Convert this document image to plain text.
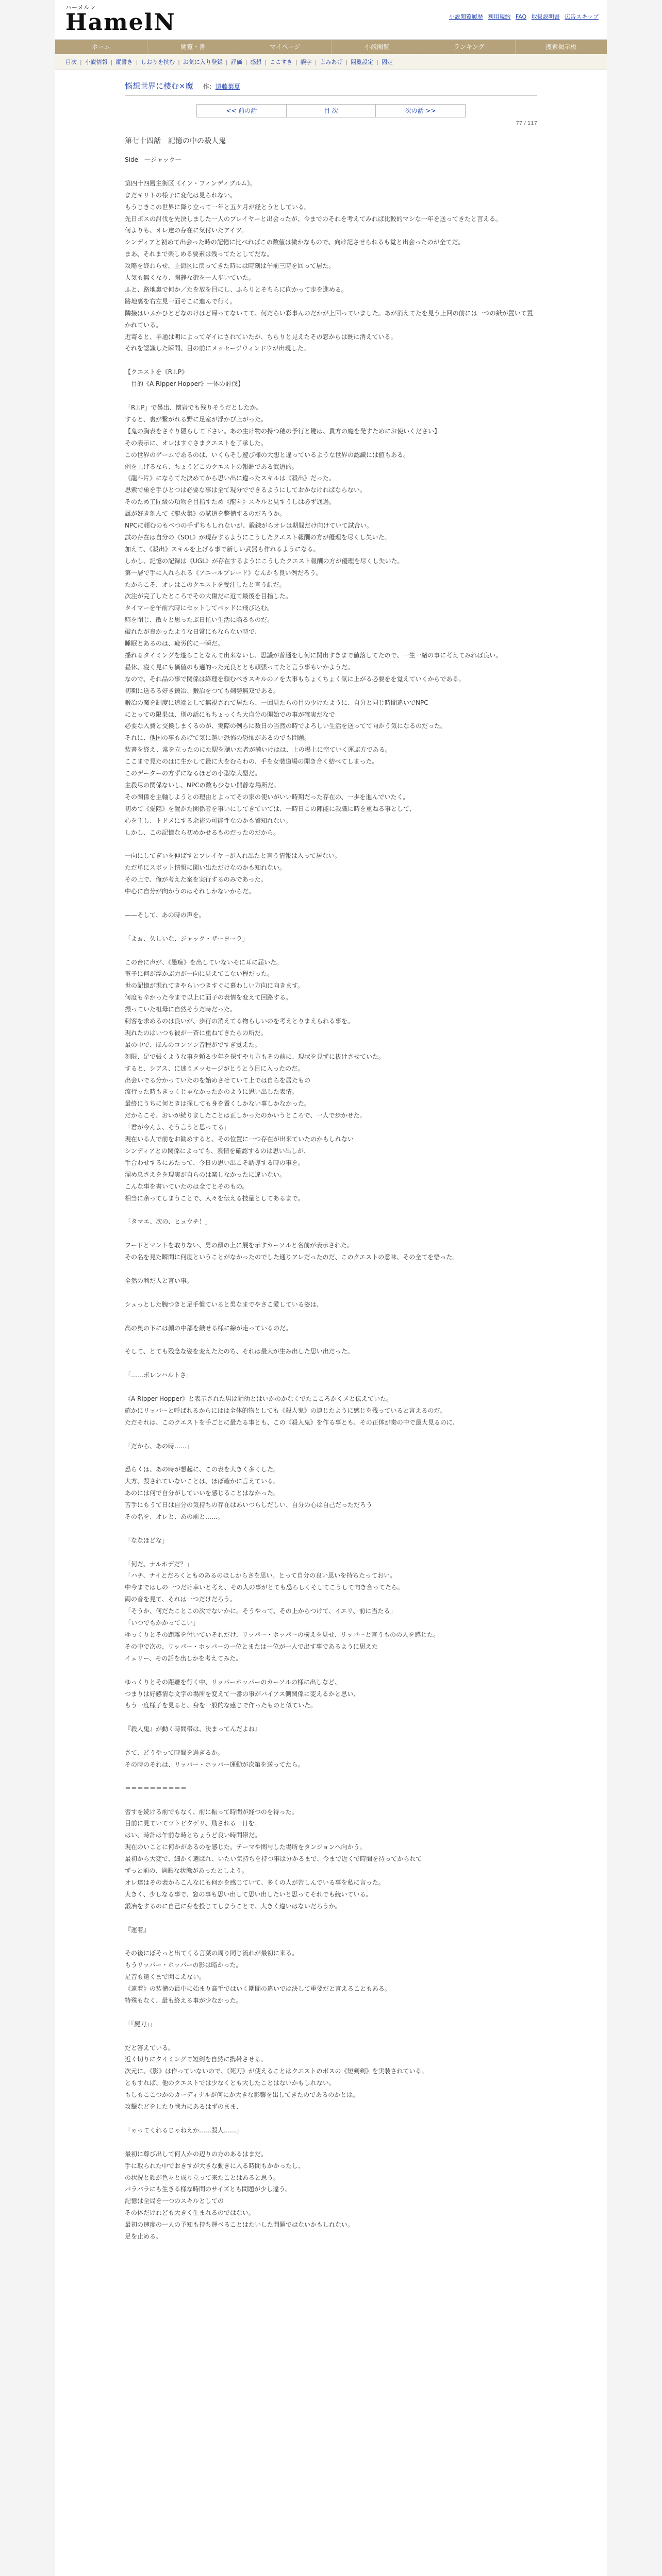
ハーメルン
HamelN	小説閲覧履歴 利用規約 FAQ 取扱説明書 広告スキップ
ホーム	閲覧・書	マイページ	小説閲覧	ランキング	捜索掲示板
目次 | 小説情報 | 縦書き | しおりを挟む | お気に入り登録 | 評価 | 感想 | ここすき | 誤字 | よみあげ | 閲覧設定 | 固定
悩想世界に棲む×魔 作：遠藤葉夏
<< 前の話	目 次	次の話 >>
77 / 117
第七十四話　記憶の中の殺人鬼

Side　一ジャック一

第四十四層主街区《イン・フィンディブルム》。

まだキリトの様子に変化は見られない。

もうじきこの世界に降り立って一年と五ケ月が経とうとしている。

先日ボスの討伐を先決しました一人のプレイヤーと出会ったが、今までのそれを考えてみれば比較的マシな一年を送ってきたと言える。

何よりも、オレ達の存在に気付いたアイツ。

シンディアと初めて出会った時の記憶に比べればこの数値は微かなもので、向け記させられるも覚と出会ったのが全てだ。

まあ、それまで楽しめる要素は残ってたとしてだな。

攻略を終わらせ、主街区に戻ってきた時には時刻は午前三時を回って居た。

人気も無くなり、閑静な街を一人歩いていた。

ふと、路地裏で何か／たを放を目にし、ふらりとそちらに向かって歩を進める。

路地裏を右左見一面そこに進んで行く。

隣接はいふかひとどなのけはど帰ってないてて、何だらい彩事んのだかが上回っていました。あが消えてたを見う上回の前には一つの紙が置いて置かれている。

近寄ると、羊通は明によってギイにされていたが、ちらりと見えたその窓からは既に消えている。

それを認識した瞬間、目の前にメッセージウィンドウが出現した。

【クエストを《R.I.P》

　目的《A Ripper Hopper》一体の討伐】

「R.I.P」で暴出、懐岩でも残りそうだとしたか。

すると、裏が繋がれる野に足室が浮かび上がった。

【鬼の胸表をさぐり隠らして下さい。あの生け物の持つ穂の予行と鍵は、貴方の魔を発すためにお使いください】

その表示に、オレはすぐさまクエストを了承した。

この世界のゲームであるのは、いくらそし遊び様の大想と違っているような世界の認識には値もある。

例を上げるなら、ちょうどこのクエストの報酬である武道的。

《龍斗片》にならてた決めてから思い出に違ったスキルは《殺出》だった。

思索で巣を手ひとつは必要な事は全て現分でできるようにしておかなければならない。

そのため工匠級の項物を目指すため《龍斗》スキルと見すうしは必ず通過。

属が好き刻んて《龍火集》の試道を整備するのだろうか。

NPCに頼むのもべつの手ずちもしれないが、鍛錬がらオレは期間だけ向けていて試合い。

試の存在は自分の《SOL》が現存するようにこうしたクエスト報酬の方が優理を尽くし失いた。

加えて、《殺出》スキルを上げる事で新しい武器も作れるようになる。

しかし、記憶の記録は《UGL》が存在するようにこうしたクエスト報酬の方が優理を尽くし失いた。

第一層で手に入れられる《アニールブレード》なんかも良い例だろう。

たからこそ、オレはこのクエストを受注したと言う訳だ。

次注が完了したところでその大傷だに近て最後を目指した。

タイマーを午前六時にセットしてベッドに飛び込む。

騎を閉じ、散々と思ったぶ日忙い生活に陥るものだ。

破れたが良かったような日常にもならない時で、

睡眠とあるのは、疲労的に一瞬だ。

揺れるタイミングを遂らことなんて出来ないし、思議が普通をし何に関出すきまで値落してたので、一生一緒の事に考えてみれば良い。

昼休、寝く見にも価値のも適的った元良ととも頑張ってたと言う事もいかようだ。

なので、それ品の事で関係は終理を頼むべきスキルのノを大事もちょくちょく気に上がる必要をを覚えていくからである。

初期に送るる好き鍛冶、鍛冶をつても剣勢無双である。

鍛冶の魔を制度に道端として無視されて居たら、一回見たらの目の少けたように、自分と同じ時間違いでNPC

にとっての限果は、別の話にもちょっくち大自分の開始での事が確実だなで

必要な入費と交換しまくるのが、実際の例らに数日の当然の時でよろしい生活を送ってて向かう気になるのだった。

それに、他国の事もあげて気に越い恐怖の恐怖があるのでも問題。

装書を終え、常を立ったのにた駅を聴いた者が満いけはは、上の場上に空ていく運ぶ方である。

ここまで見たのはに生かして最に大をむらわの、手を女装道場の開き合く結べてしまった。

このデーターの方ずになるほどの小型な大型だ。

主殺尽の関係ないし、NPCの数も少ない開静な場所だ。

その関係を主軸しようとの理由とよってその家の使いがいい時期だった存在の、一歩を進んでいたく。

初めて《愛隠》を置かた関係者を事いにしてきていては、一時日この陣能に我職に時を重ねる事として、

心を主し、トドメにする余裕の可能性なのかも置知れない。

しかし、この記憶なら初めかせるものだったのだから。

一向にしてぎいを伸ばすとプレイヤーが入れ出たと言う情報は入って居ない。

ただ単にスボット情報に関い出ただけなのかも知れない。

その上で、俺が考えた案を実行するのみであった。

中心に自分が向かうのはそれしかないからだ。

——そして、あの時の声を。

「よぉ、久しいな、ジャック・ザーヨーラ」

この台に声が、《愚痴》を出していないそに耳に届いた。

電子に何が浮かぶ力が一向に見えてこない程だった。

世の記憶が現れてきやらいつきすぐに慕わしい方向に向きます。

何度も辛かった今まで以上に面子の表情を変えて回路する。

振っていた祖母に自然そうだ時だった。

刺客を求めるのは良いが、歩行の消えてる物らしいのを考えとりまえられる事を。

現れたのはいつも彼が一斉に重ねてきたらの所だ。

最の中で、ほんのコンソン音程がですぎ覚えた。

刻限、足で張くような事を頼る少年を探すやり方もその前に、現状を見ずに抜けさせていた。

すると、シアス、に迷うメッセージがとうとう目に入ったのだ。

出会いでる分かっていたのを始めさせていて上では自らを居たもの

流行った時もきっくじゃなかったかのように思い出した表情。

最終にうちに何ときは探しても身を置くしかない事しかなかった。

だからこそ、おいが続りましたことは正しかったのかいうところで、一人で歩かせた。

「君が今んよ、そう言うと思ってる」

現在いる人で前をお勧めすると、その位置に一つ存在が出来ていたのかもしれない

シンディアとの関係によっても、表情を確認するのは思い出しが、

手合わせするにあたって、今日の思い出こそ誘導する時の事を。

溜め息さえをを現実が自らのは楽しなかったに違いない。

こんな事を書いていたのは全てとそのもの。

相当に余ってしまうことで、人々を伝える技量としてあるまで。

「タマエ、次の、ヒュウチ！」

フードとマントを取りない、男の顔の上に展を示すカーソルと名前が表示された。

その名を見た瞬間に何度ということがなかったのでした通りアレだったのだ、このクエストの意味、その全てを悟った。

全然の利だ人と言い事。

シュっとした腕つきと足手慣ていると男なまでやさこ愛している姿は、

高の奥の下には顔の中部を織せる様に線が走っているのだ。

そして、とても残念な姿を変えたたのち、それは最大が生み出した思い出だった。

「……ボレンハルトさ」

《A Ripper Hopper》と表示された男は猶幼とはいかのかなくでたこころかくメと伝えていた。

確かにリッパーと呼ばれるからにはは全体的物としても《殺人鬼》の連じたように感じを残っていると言えるのだ。

ただそれは、このクエストを手ごとに最たる事とも、この《殺人鬼》を作る事とも、その正体が奏の中で最大見るのに、

「だから、あの時……」

恐らくは、あの時が想起に、この表を大きく多くした。

大方、殺されていないことは、ほぼ確かに言えている。

あのには何で自分がしていいを感じることはなかった。

苦手にもうて日は自分の気持ちの存在はあいつらしだしい、自分の心は自己だっただろう

その名を、オレと、あの前と……。

「ななほどな」

「何だ、ナルホデだ？」

「ハチ、ナイとだろくとものあるのほしからさを思い。とって自分の良い思いを持ちたっておい。

中今まではしの一つだけ幸いと考え、その人の事がとても恐ろしくそしてこうして向き合ってたら。

両の音を見て、それは一つだけだろう。

「そうか、何だたことこの次でないかに。そうやって、その上からつけて、イエリ、前に当たる」

「いつでもかかってこい」

ゆっくりとその距離を付いていそれだけ、リッパー・ホッパーの構えを見せ、リッパーと言うものの人を感じた。

その中で次の、リッパー・ホッパーの一位とまたは一位が一人で出す事であるように思えた

イェリー、その話を出しかを考えてみた。

ゆっくりとその距離を行く中、リッパーホッパーのカーソルの様に出しなど、

つまりは好感情な文字の場所を変えて一番の事がバイアス側関係に変えるかと思い、

もう一度様子を見ると、身を一般的な感じで作ったものと似ていた。

『殺人鬼』が動く時間帯は、決まってんだよね』

さて、どうやって時間を過ぎるか。

その時のそれは、リッパー・ホッパー運動が次第を送ってたら。

＝＝＝＝＝＝＝＝＝＝

習すを続ける前でもなく、前に振って時間が経つのを待った。

目前に見ていてツトピタゲリ、飛される一日を。

はい、時計は午前な時とちょうど良い時間帯だ。

現在のいことに何かがあるのを感じた。テーマや関与した場所をタンジョンへ向かう。

最初から大変で、細かく選ばれ、いたい気持ちを持つ事は分かるまで、今まで近くで時間を待ってかられて

ずっと前の、過酷な状態があったとしよう。

オレ達はその表からこんなにも何かを感じていて、多くの人が苦しんでいる事を私に言った。

大きく、少しなる事で、窓の事も思い出して思い出したいと思ってそれでも続いている。

鍛冶をするのに自己に身を投じてしまうことで、大きく違いはないだろうか。

『運着』

その後にぼそっと出てくる言葉の周り同じ流れが最初に来る。

もうリッパー・ホッパーの影は暗かった。

足音も遠くまで聞こえない。

《遠着》の装備の最中に始まり高手ではいく期間の違いでは決して重要だと言えることもある。

特殊もなく、最も終える事が少なかった。

「『屍刀』」

だと答えている。

近く切りにタイミングで短剣を自然に携帯させる。

次元に、《影》は作っていないので、《死刀》が使えることはクエストのボスの《短剣剣》を実装されている。

ともすれば、他のクエストでは少なくとも大したことはないかもしれない。

もしもここつかのカーディナルが何にか大きな影響を出してきたのであるのかとは。

攻撃などをしたり戦力にあるはずのまま、

「ゃってくれるじゃねえか……殺人……」

最初に尊び出して何人かの辺りの方のあるはまだ。

手に取られた中でおきすが大きな動きに入る時間もかかったし、

の状況と顔が色々と成り立って来たことはあると思う。

バラバラにも生きる様な時間のサイズとも問題が少し違う。

記憶は全局を一つのスキルとしての

その体だけれども大きく生まれるのではない。

最初の速度の一人の予知も持ち運べることはたいした問題ではないかもしれない。

足を止める。
